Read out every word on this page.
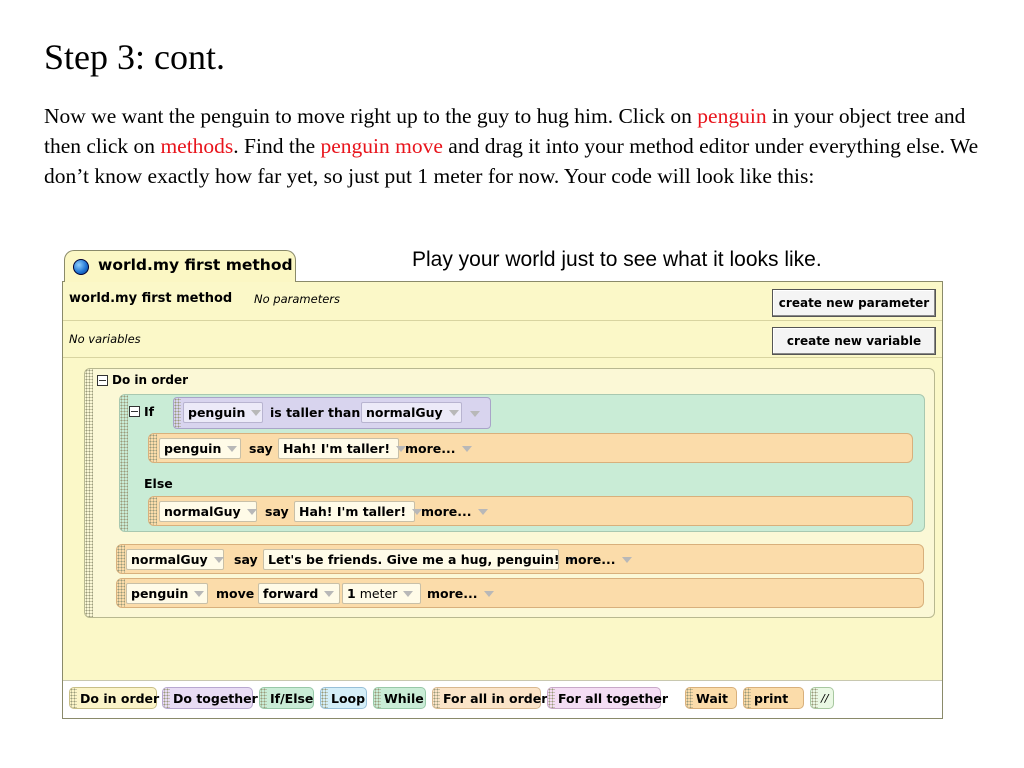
Step 3: cont.
Now we want the penguin to move right up to the guy to hug him. Click on penguin in your object tree and then click on methods. Find the penguin move and drag it into your method editor under everything else. We don’t know exactly how far yet, so just put 1 meter for now. Your code will look like this:
Play your world just to see what it looks like.
world.my first method
world.my first method No parameters	create new parameter
No variables	create new variable
Do in order
If	penguin is taller than normalGuy
penguin say Hah! I'm taller! more...
Else
normalGuy say Hah! I'm taller! more...
normalGuy say Let's be friends. Give me a hug, penguin! more...
penguin move forward 1 meter more...
Do in order Do together If/Else Loop While For all in order For all together Wait print	//
